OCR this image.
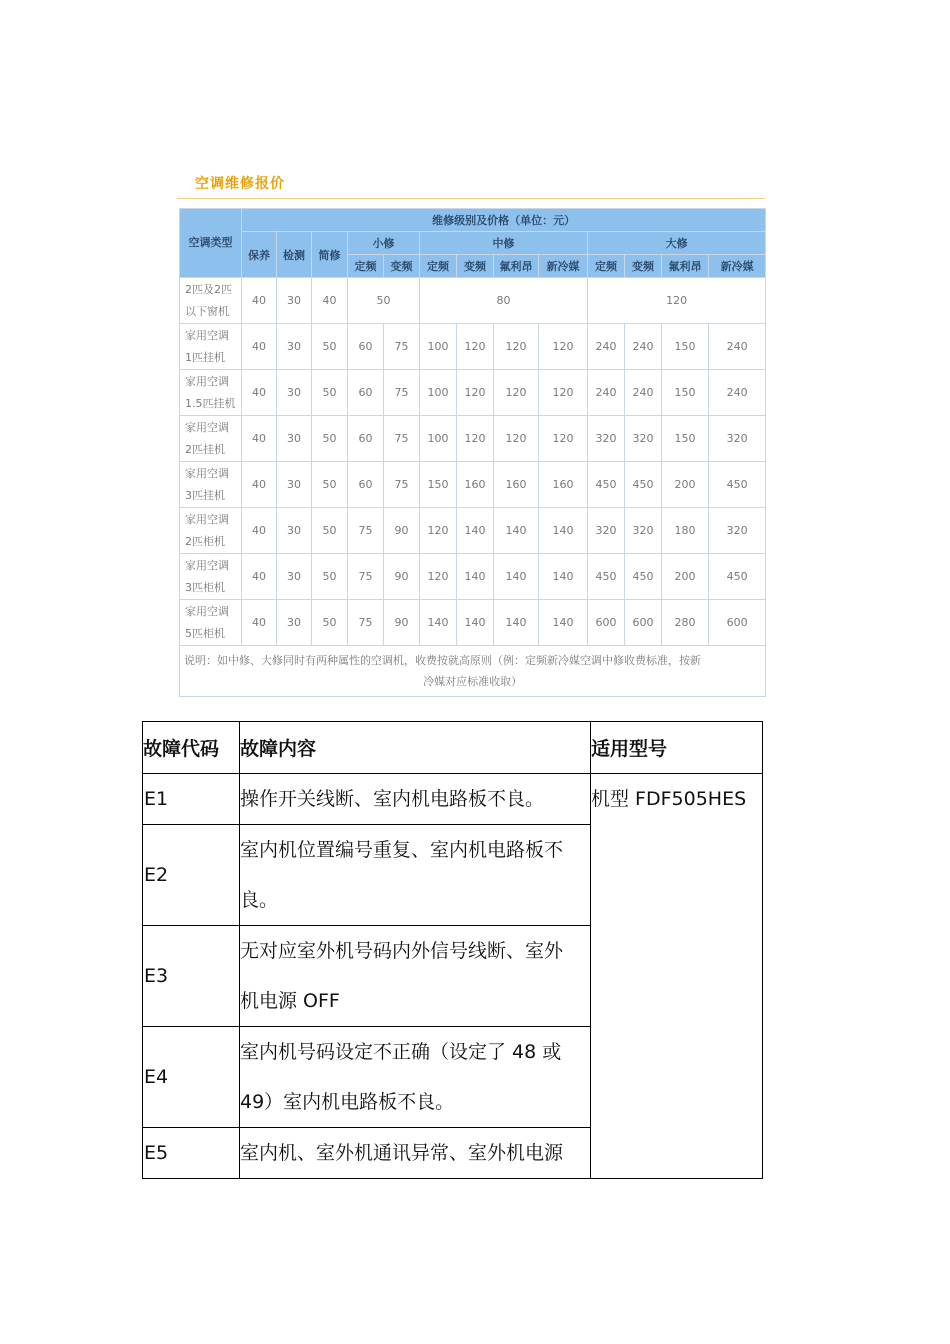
空调维修报价
空调类型	维修级别及价格（单位：元）												
	保养	检测	简修	小修		中修				大修			
				定频	变频	定频	变频	氟利昂	新冷媒	定频	变频	氟利昂	新冷媒

2匹及2匹
以下窗机	40	30	40	50		80				120			

家用空调
1匹挂机	40	30	50	60	75	100	120	120	120	240	240	150	240

家用空调
1.5匹挂机	40	30	50	60	75	100	120	120	120	240	240	150	240

家用空调
2匹挂机	40	30	50	60	75	100	120	120	120	320	320	150	320

家用空调
3匹挂机	40	30	50	60	75	150	160	160	160	450	450	200	450

家用空调
2匹柜机	40	30	50	75	90	120	140	140	140	320	320	180	320

家用空调
3匹柜机	40	30	50	75	90	120	140	140	140	450	450	200	450

家用空调
5匹柜机	40	30	50	75	90	140	140	140	140	600	600	280	600

说明：如中修、大修同时有两种属性的空调机，收费按就高原则（例：定频新冷媒空调中修收费标准，按新
冷媒对应标准收取）													
故障代码	故障内容	适用型号
E1	操作开关线断、室内机电路板不良。	机型 FDF505HES
E2	室内机位置编号重复、室内机电路板不
良。	

E3	无对应室外机号码内外信号线断、室外
机电源 OFF	

E4	室内机号码设定不正确（设定了 48 或
49）室内机电路板不良。	

E5	室内机、室外机通讯异常、室外机电源	
